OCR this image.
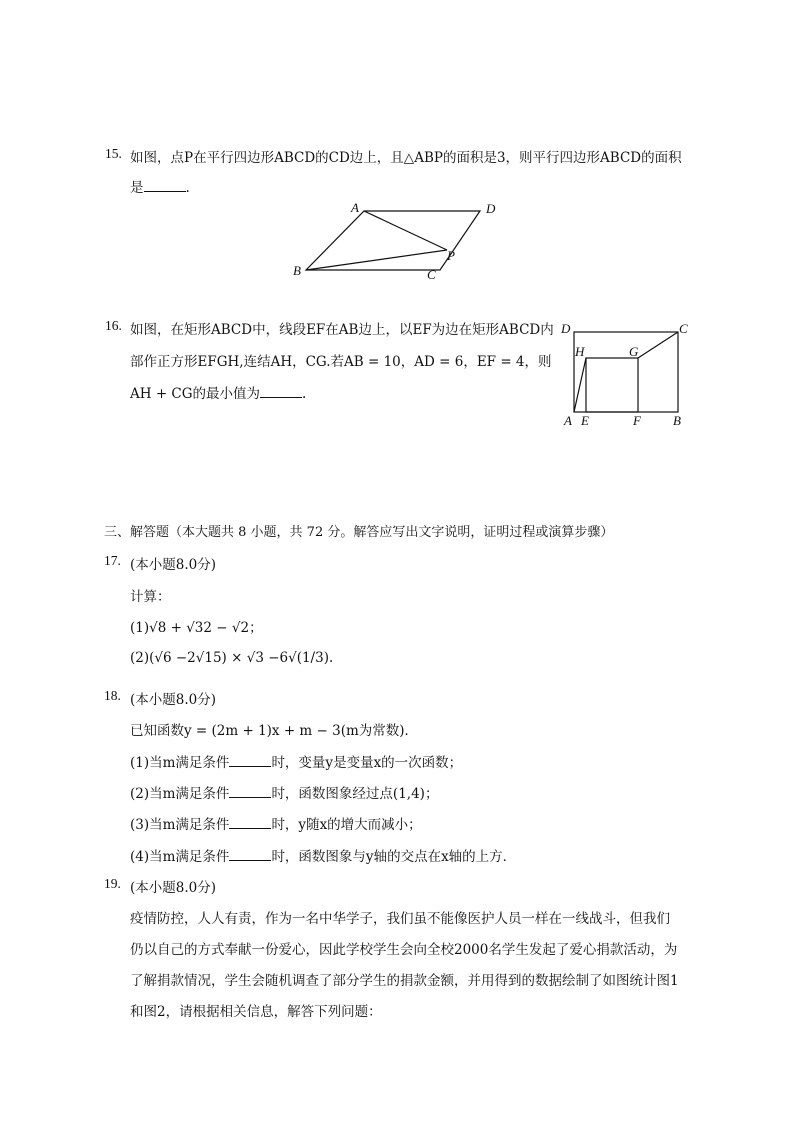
15. 如图，点P在平行四边形ABCD的CD边上，且△ABP的面积是3，则平行四边形ABCD的面积
是	.
A	D
B	C
P
16. 如图，在矩形ABCD中，线段EF在AB边上，以EF为边在矩形ABCD内
部作正方形EFGH,连结AH，CG.若AB = 10，AD = 6，EF = 4，则
AH + CG的最小值为	.
D	C
H	G
A E	F B
三、解答题（本大题共 8 小题，共 72 分。解答应写出文字说明，证明过程或演算步骤）
17. (本小题8.0分)
计算：
(1)√8 + √32 − √2；
(2)(√6 −2√15) × √3 −6√(1/3).
18. (本小题8.0分)
已知函数y = (2m + 1)x + m − 3(m为常数)．
(1)当m满足条件	时，变量y是变量x的一次函数；
(2)当m满足条件	时，函数图象经过点(1,4)；
(3)当m满足条件	时，y随x的增大而减小；
(4)当m满足条件	时，函数图象与y轴的交点在x轴的上方．
19. (本小题8.0分)
疫情防控，人人有责，作为一名中华学子，我们虽不能像医护人员一样在一线战斗，但我们
仍以自己的方式奉献一份爱心，因此学校学生会向全校2000名学生发起了爱心捐款活动，为
了解捐款情况，学生会随机调查了部分学生的捐款金额，并用得到的数据绘制了如图统计图1
和图2，请根据相关信息，解答下列问题：
